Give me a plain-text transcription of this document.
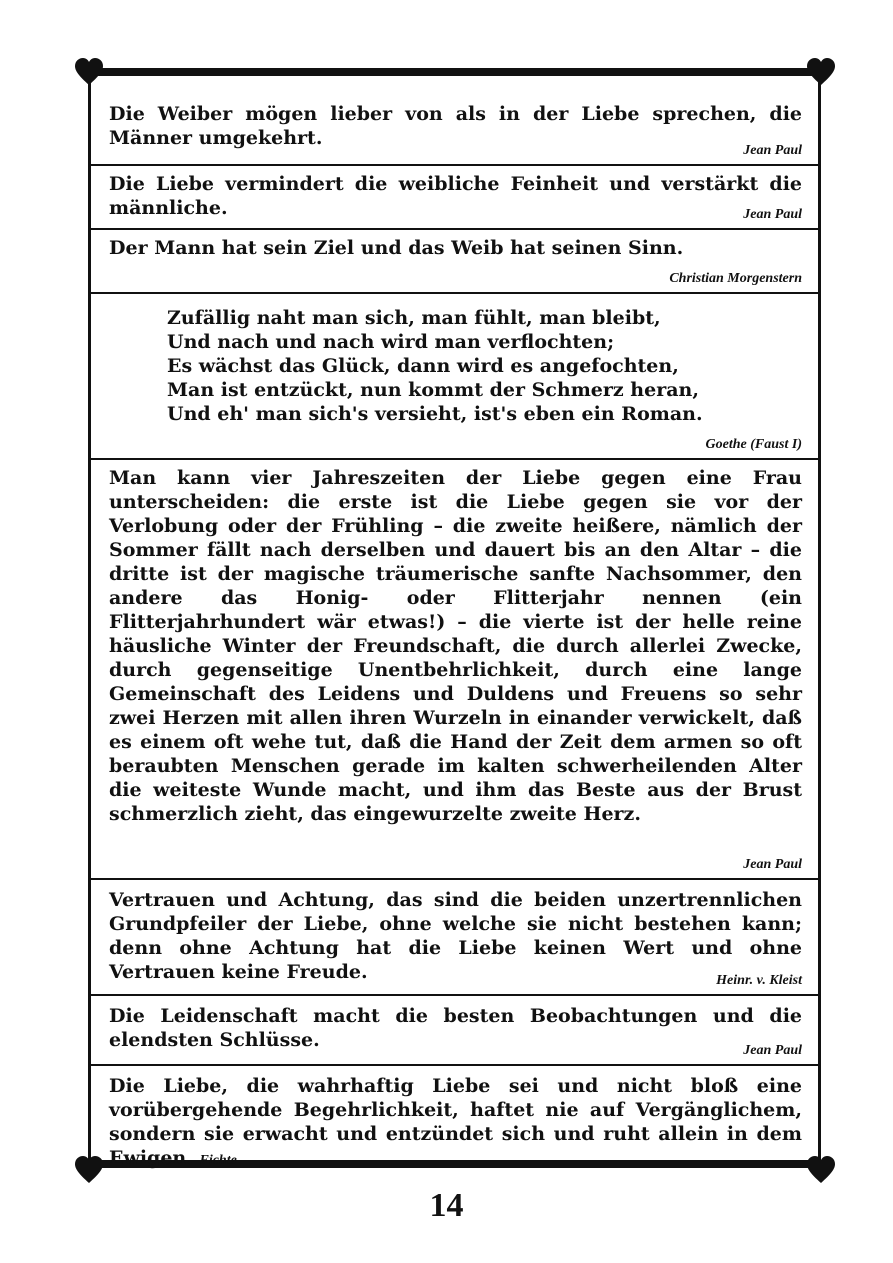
Die Weiber mögen lieber von als in der Liebe sprechen, die Männer umgekehrt.

Jean Paul

Die Liebe vermindert die weibliche Feinheit und verstärkt die männliche.	Jean Paul

Der Mann hat sein Ziel und das Weib hat seinen Sinn.

Christian Morgenstern
Zufällig naht man sich, man fühlt, man bleibt,
Und nach und nach wird man verflochten;
Es wächst das Glück, dann wird es angefochten,
Man ist entzückt, nun kommt der Schmerz heran,
Und eh' man sich's versieht, ist's eben ein Roman.
Goethe (Faust I)

Man kann vier Jahreszeiten der Liebe gegen eine Frau unterscheiden: die erste ist die Liebe gegen sie vor der Verlobung oder der Frühling – die zweite heißere, nämlich der Sommer fällt nach derselben und dauert bis an den Altar – die dritte ist der magische träumerische sanfte Nachsommer, den andere das Honig- oder Flitterjahr nennen (ein Flitterjahrhundert wär etwas!) – die vierte ist der helle reine häusliche Winter der Freundschaft, die durch allerlei Zwecke, durch gegenseitige Unentbehrlichkeit, durch eine lange Gemeinschaft des Leidens und Duldens und Freuens so sehr zwei Herzen mit allen ihren Wurzeln in einander verwickelt, daß es einem oft wehe tut, daß die Hand der Zeit dem armen so oft beraubten Menschen gerade im kalten schwerheilenden Alter die weiteste Wunde macht, und ihm das Beste aus der Brust schmerzlich zieht, das eingewurzelte zweite Herz.

Jean Paul

Vertrauen und Achtung, das sind die beiden unzertrennlichen Grundpfeiler der Liebe, ohne welche sie nicht bestehen kann; denn ohne Achtung hat die Liebe keinen Wert und ohne Vertrauen keine Freude.	Heinr. v. Kleist

Die Leidenschaft macht die besten Beobachtungen und die elendsten Schlüsse.	Jean Paul

Die Liebe, die wahrhaftig Liebe sei und nicht bloß eine vorübergehende Begehrlichkeit, haftet nie auf Vergänglichem, sondern sie erwacht und entzündet sich und ruht allein in dem Ewigen. Fichte

14
